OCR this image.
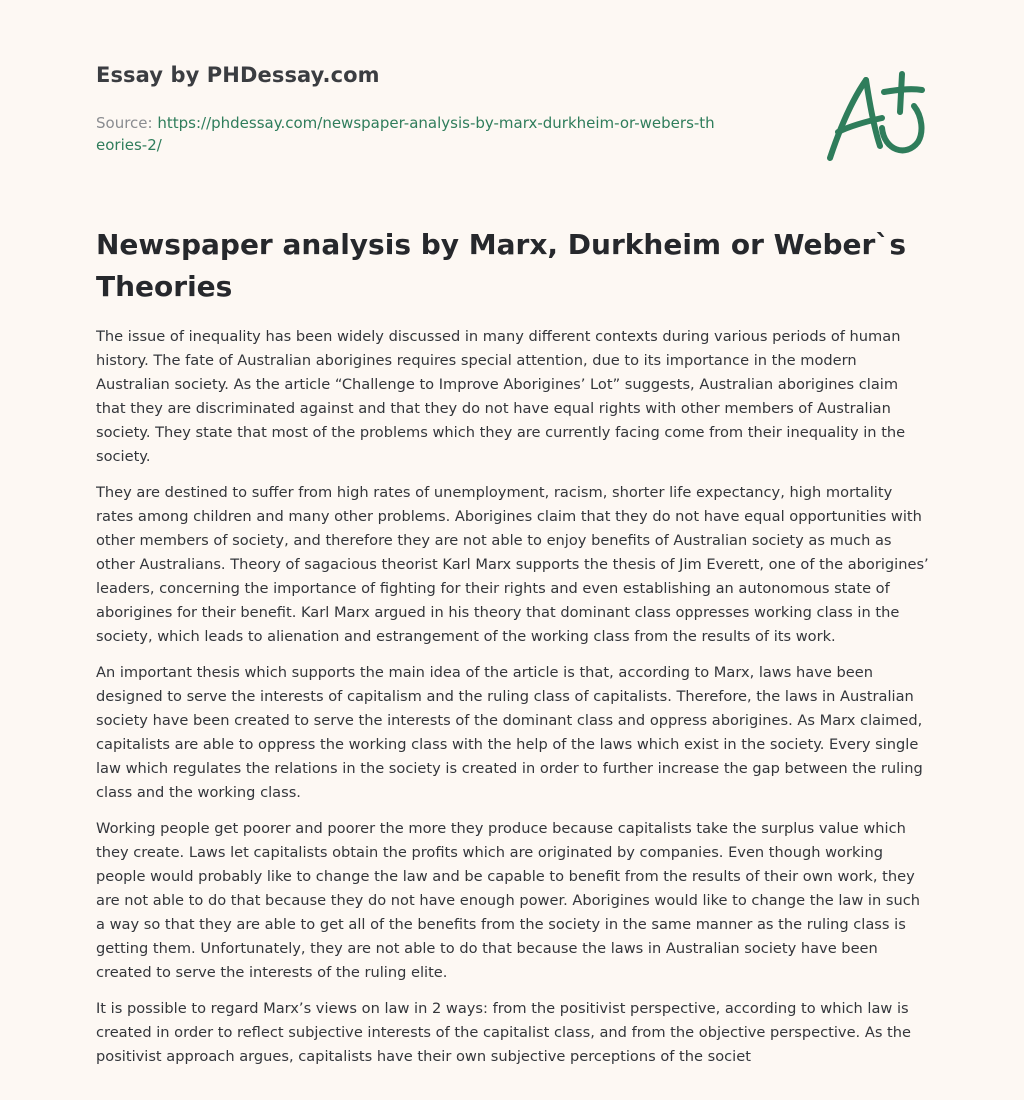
Essay by PHDessay.com
Source: https://phdessay.com/newspaper-analysis-by-marx-durkheim-or-webers-theories-2/
Newspaper analysis by Marx, Durkheim or Weber`s Theories

The issue of inequality has been widely discussed in many different contexts during various periods of human history. The fate of Australian aborigines requires special attention, due to its importance in the modern Australian society. As the article “Challenge to Improve Aborigines’ Lot” suggests, Australian aborigines claim that they are discriminated against and that they do not have equal rights with other members of Australian society. They state that most of the problems which they are currently facing come from their inequality in the society.

They are destined to suffer from high rates of unemployment, racism, shorter life expectancy, high mortality rates among children and many other problems. Aborigines claim that they do not have equal opportunities with other members of society, and therefore they are not able to enjoy benefits of Australian society as much as other Australians. Theory of sagacious theorist Karl Marx supports the thesis of Jim Everett, one of the aborigines’ leaders, concerning the importance of fighting for their rights and even establishing an autonomous state of aborigines for their benefit. Karl Marx argued in his theory that dominant class oppresses working class in the society, which leads to alienation and estrangement of the working class from the results of its work.

An important thesis which supports the main idea of the article is that, according to Marx, laws have been designed to serve the interests of capitalism and the ruling class of capitalists. Therefore, the laws in Australian society have been created to serve the interests of the dominant class and oppress aborigines. As Marx claimed, capitalists are able to oppress the working class with the help of the laws which exist in the society. Every single law which regulates the relations in the society is created in order to further increase the gap between the ruling class and the working class.

Working people get poorer and poorer the more they produce because capitalists take the surplus value which they create. Laws let capitalists obtain the profits which are originated by companies. Even though working people would probably like to change the law and be capable to benefit from the results of their own work, they are not able to do that because they do not have enough power. Aborigines would like to change the law in such a way so that they are able to get all of the benefits from the society in the same manner as the ruling class is getting them. Unfortunately, they are not able to do that because the laws in Australian society have been created to serve the interests of the ruling elite.

It is possible to regard Marx’s views on law in 2 ways: from the positivist perspective, according to which law is created in order to reflect subjective interests of the capitalist class, and from the objective perspective. As the positivist approach argues, capitalists have their own subjective perceptions of the societ
